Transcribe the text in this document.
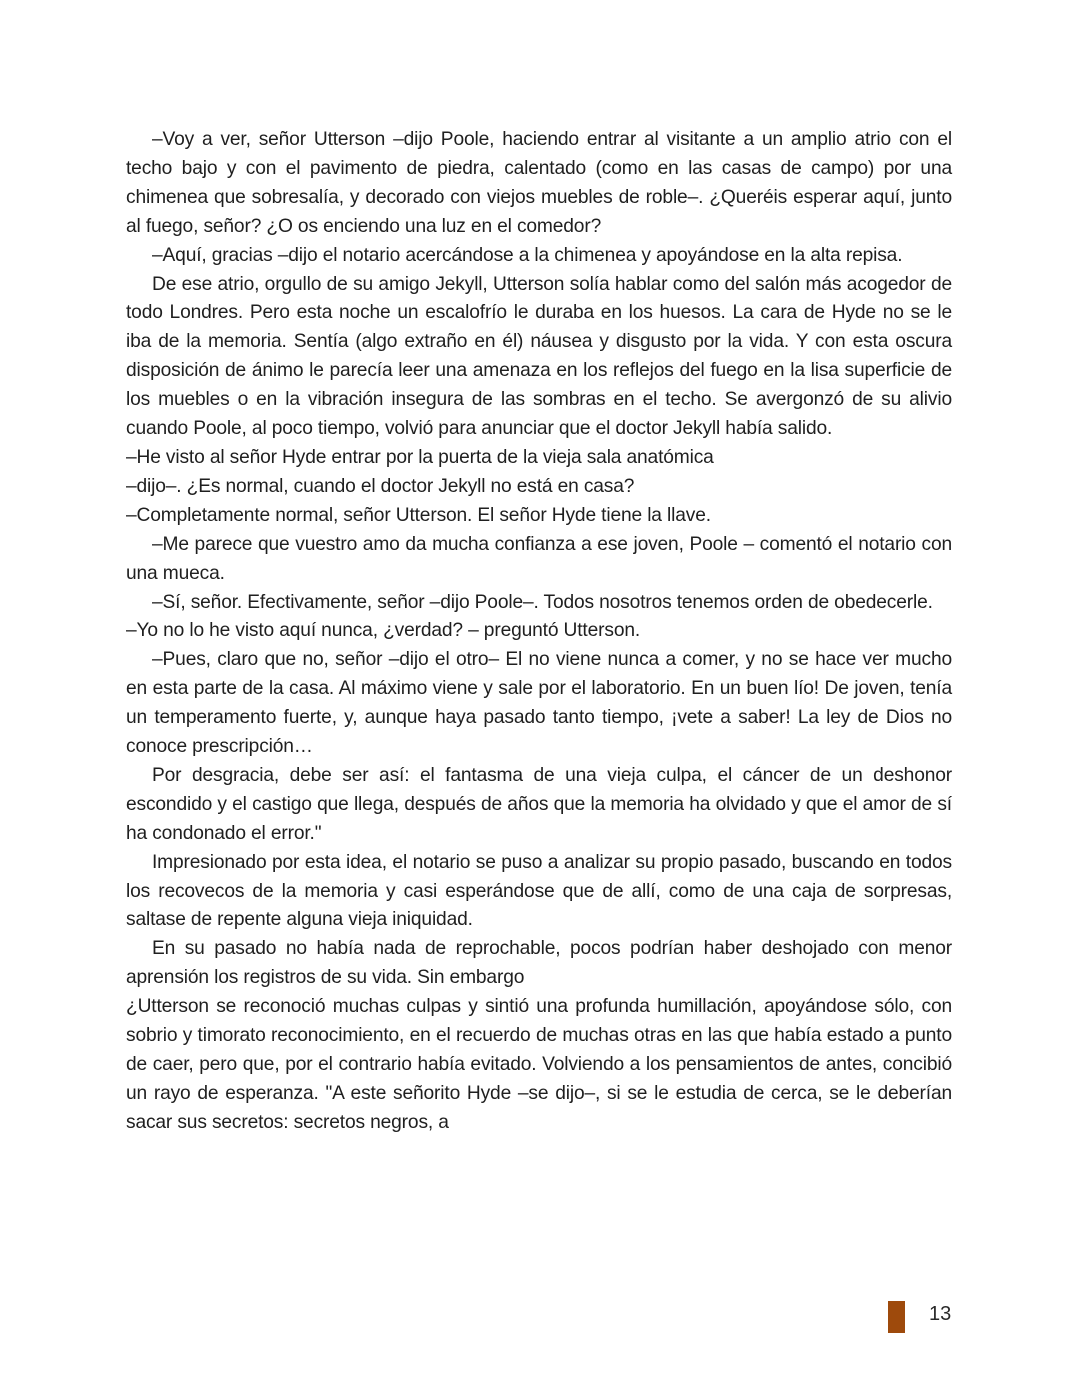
–Voy a ver, señor Utterson –dijo Poole, haciendo entrar al visitante a un amplio atrio con el techo bajo y con el pavimento de piedra, calentado (como en las casas de campo) por una chimenea que sobresalía, y decorado con viejos muebles de roble–. ¿Queréis esperar aquí, junto al fuego, señor? ¿O os enciendo una luz en el comedor?

–Aquí, gracias –dijo el notario acercándose a la chimenea y apoyándose en la alta repisa.

De ese atrio, orgullo de su amigo Jekyll, Utterson solía hablar como del salón más acogedor de todo Londres. Pero esta noche un escalofrío le duraba en los huesos. La cara de Hyde no se le iba de la memoria. Sentía (algo extraño en él) náusea y disgusto por la vida. Y con esta oscura disposición de ánimo le parecía leer una amenaza en los reflejos del fuego en la lisa superficie de los muebles o en la vibración insegura de las sombras en el techo. Se avergonzó de su alivio cuando Poole, al poco tiempo, volvió para anunciar que el doctor Jekyll había salido.

–He visto al señor Hyde entrar por la puerta de la vieja sala anatómica

–dijo–. ¿Es normal, cuando el doctor Jekyll no está en casa?

–Completamente normal, señor Utterson. El señor Hyde tiene la llave.

–Me parece que vuestro amo da mucha confianza a ese joven, Poole – comentó el notario con una mueca.

–Sí, señor. Efectivamente, señor –dijo Poole–. Todos nosotros tenemos orden de obedecerle.

–Yo no lo he visto aquí nunca, ¿verdad? – preguntó Utterson.

–Pues, claro que no, señor –dijo el otro– El no viene nunca a comer, y no se hace ver mucho en esta parte de la casa. Al máximo viene y sale por el laboratorio. En un buen lío! De joven, tenía un temperamento fuerte, y, aunque haya pasado tanto tiempo, ¡vete a saber! La ley de Dios no conoce prescripción…

Por desgracia, debe ser así: el fantasma de una vieja culpa, el cáncer de un deshonor escondido y el castigo que llega, después de años que la memoria ha olvidado y que el amor de sí ha condonado el error."

Impresionado por esta idea, el notario se puso a analizar su propio pasado, buscando en todos los recovecos de la memoria y casi esperándose que de allí, como de una caja de sorpresas, saltase de repente alguna vieja iniquidad.

En su pasado no había nada de reprochable, pocos podrían haber deshojado con menor aprensión los registros de su vida. Sin embargo

¿Utterson se reconoció muchas culpas y sintió una profunda humillación, apoyándose sólo, con sobrio y timorato reconocimiento, en el recuerdo de muchas otras en las que había estado a punto de caer, pero que, por el contrario había evitado. Volviendo a los pensamientos de antes, concibió un rayo de esperanza. "A este señorito Hyde –se dijo–, si se le estudia de cerca, se le deberían sacar sus secretos: secretos negros, a

13
